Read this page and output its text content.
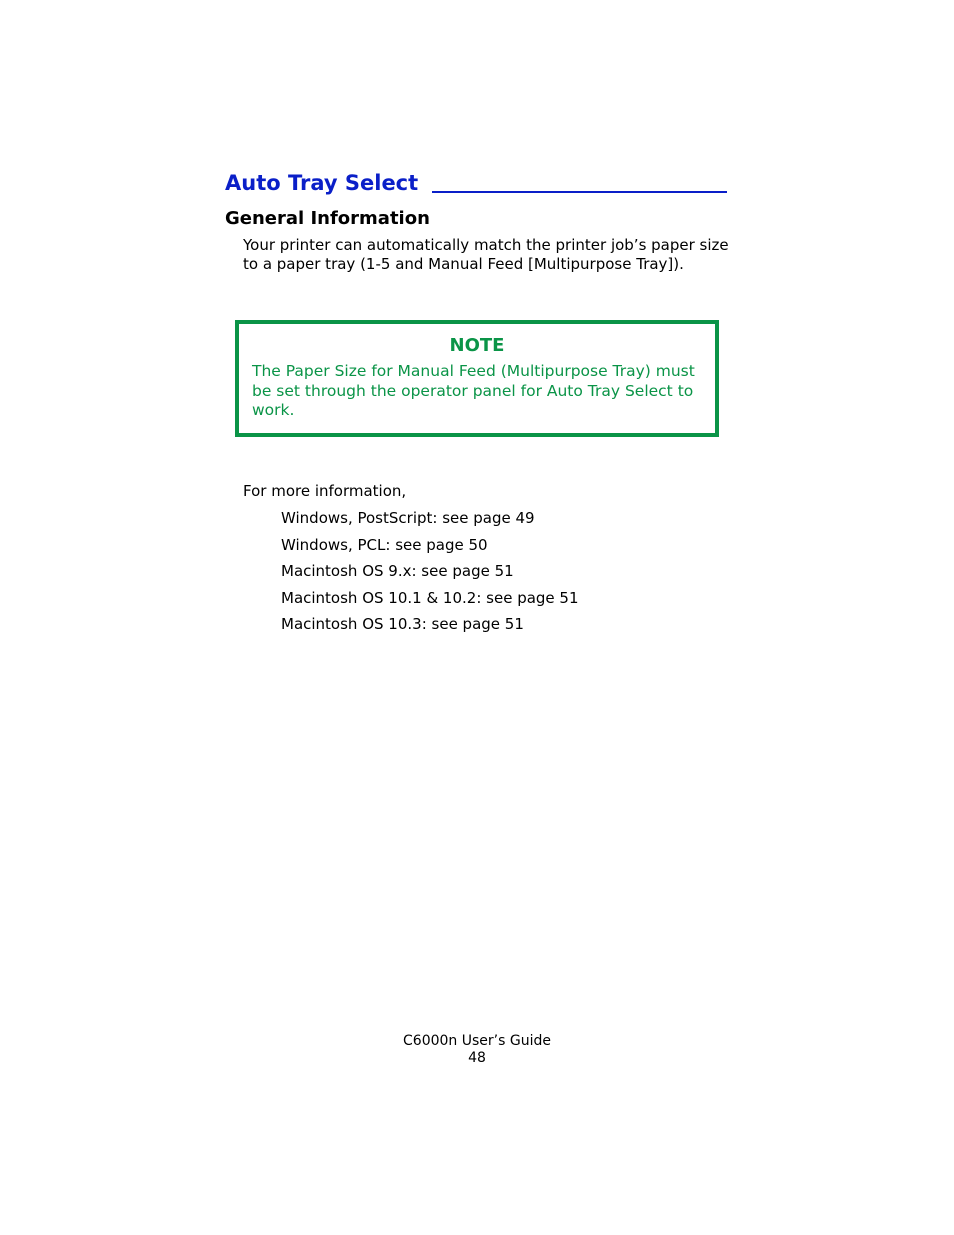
Auto Tray Select
General Information

Your printer can automatically match the printer job’s paper size to a paper tray (1-5 and Manual Feed [Multipurpose Tray]).

NOTE

The Paper Size for Manual Feed (Multipurpose Tray) must be set through the operator panel for Auto Tray Select to work.

For more information,
Windows, PostScript: see page 49
Windows, PCL: see page 50
Macintosh OS 9.x: see page 51
Macintosh OS 10.1 & 10.2: see page 51
Macintosh OS 10.3: see page 51
C6000n User’s Guide
48
